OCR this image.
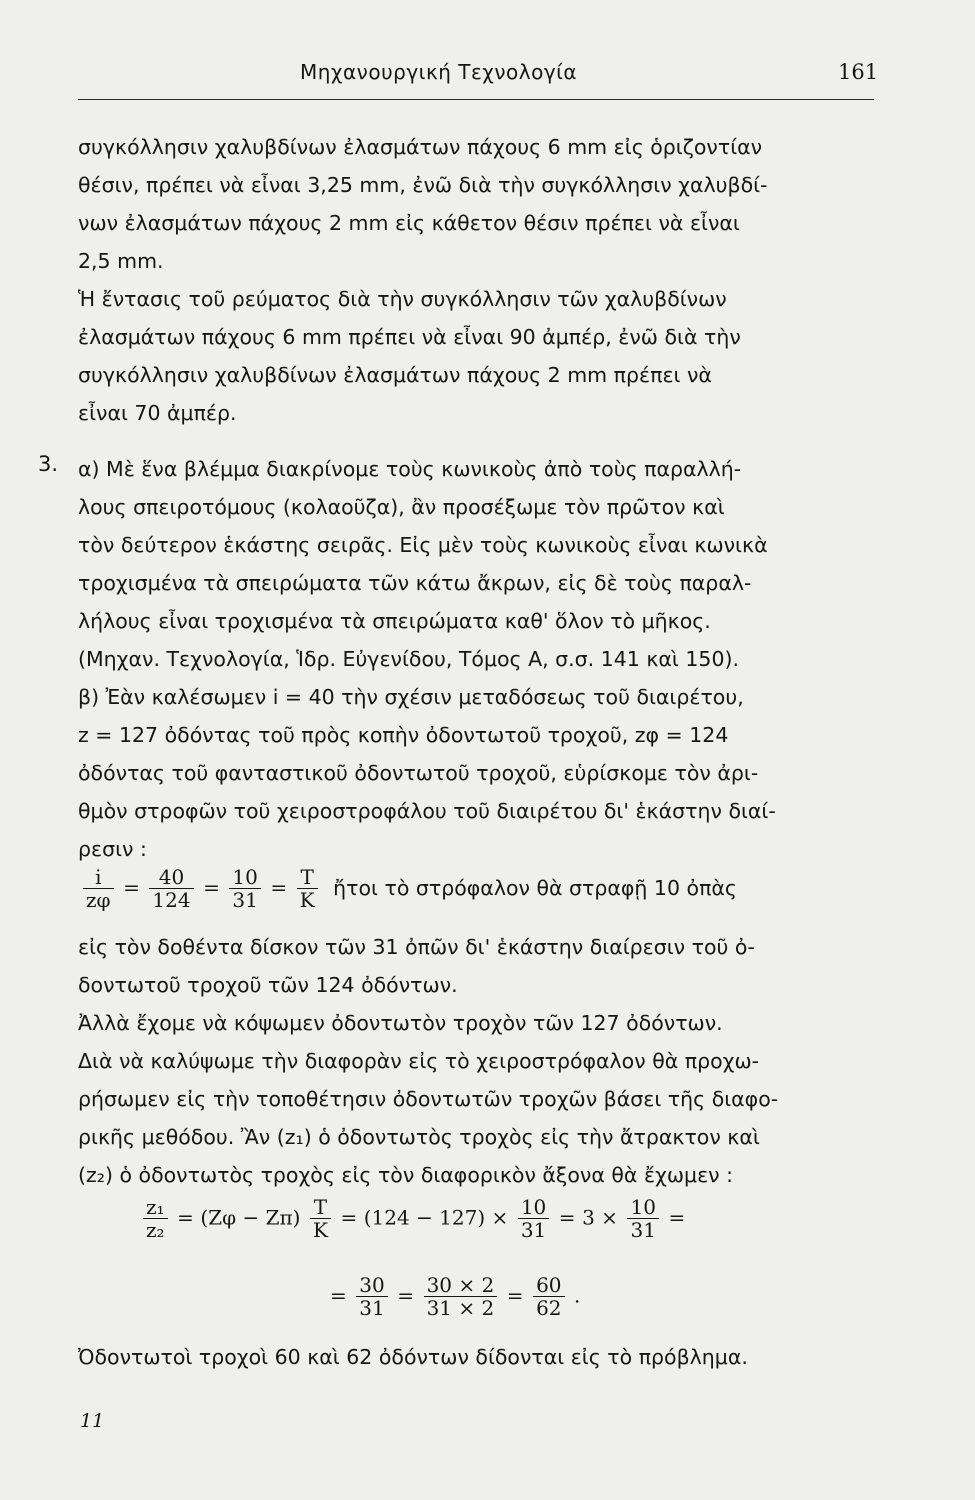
Μηχανουργική Τεχνολογία	161
συγκόλλησιν χαλυβδίνων ἐλασμάτων πάχους 6 mm εἰς ὁριζοντίαν
θέσιν, πρέπει νὰ εἶναι 3,25 mm, ἐνῶ διὰ τὴν συγκόλλησιν χαλυβδί-
νων ἐλασμάτων πάχους 2 mm εἰς κάθετον θέσιν πρέπει νὰ εἶναι
2,5 mm.
Ἡ ἔντασις τοῦ ρεύματος διὰ τὴν συγκόλλησιν τῶν χαλυβδίνων
ἐλασμάτων πάχους 6 mm πρέπει νὰ εἶναι 90 ἀμπέρ, ἐνῶ διὰ τὴν
συγκόλλησιν χαλυβδίνων ἐλασμάτων πάχους 2 mm πρέπει νὰ
εἶναι 70 ἀμπέρ.
3. α) Μὲ ἕνα βλέμμα διακρίνομε τοὺς κωνικοὺς ἀπὸ τοὺς παραλλή-
λους σπειροτόμους (κολαοῦζα), ἂν προσέξωμε τὸν πρῶτον καὶ
τὸν δεύτερον ἑκάστης σειρᾶς. Εἰς μὲν τοὺς κωνικοὺς εἶναι κωνικὰ
τροχισμένα τὰ σπειρώματα τῶν κάτω ἄκρων, εἰς δὲ τοὺς παραλ-
λήλους εἶναι τροχισμένα τὰ σπειρώματα καθ' ὅλον τὸ μῆκος.
(Μηχαν. Τεχνολογία, Ἱδρ. Εὐγενίδου, Τόμος Α, σ.σ. 141 καὶ 150).
β) Ἐὰν καλέσωμεν i = 40 τὴν σχέσιν μεταδόσεως τοῦ διαιρέτου,
z = 127 ὀδόντας τοῦ πρὸς κοπὴν ὀδοντωτοῦ τροχοῦ, zφ = 124
ὀδόντας τοῦ φανταστικοῦ ὀδοντωτοῦ τροχοῦ, εὑρίσκομε τὸν ἀρι-
θμὸν στροφῶν τοῦ χειροστροφάλου τοῦ διαιρέτου δι' ἑκάστην διαί-
ρεσιν :
$\frac{i}{z\varphi} = \frac{40}{124} = \frac{10}{31} = \frac{T}{K}$ ἤτοι τὸ στρόφαλον θὰ στραφῇ 10 ὀπὰς
εἰς τὸν δοθέντα δίσκον τῶν 31 ὀπῶν δι' ἑκάστην διαίρεσιν τοῦ ὀ-
δοντωτοῦ τροχοῦ τῶν 124 ὀδόντων.
Ἀλλὰ ἔχομε νὰ κόψωμεν ὀδοντωτὸν τροχὸν τῶν 127 ὀδόντων.
Διὰ νὰ καλύψωμε τὴν διαφορὰν εἰς τὸ χειροστρόφαλον θὰ προχω-
ρήσωμεν εἰς τὴν τοποθέτησιν ὀδοντωτῶν τροχῶν βάσει τῆς διαφο-
ρικῆς μεθόδου. Ἂν (z₁) ὁ ὀδοντωτὸς τροχὸς εἰς τὴν ἄτρακτον καὶ
(z₂) ὁ ὀδοντωτὸς τροχὸς εἰς τὸν διαφορικὸν ἄξονα θὰ ἔχωμεν :
$\frac{\text{z₁}}{\text{z₂}} = (Z\varphi - Z\pi) \frac{T}{K} = (124 - 127) \times \frac{10}{31} = 3 \times \frac{10}{31}$ =
= $\frac{30}{31} = \frac{30 \times 2}{31 \times 2} = \frac{60}{62}$ .
Ὀδοντωτοὶ τροχοὶ 60 καὶ 62 ὀδόντων δίδονται εἰς τὸ πρόβλημα.
11
